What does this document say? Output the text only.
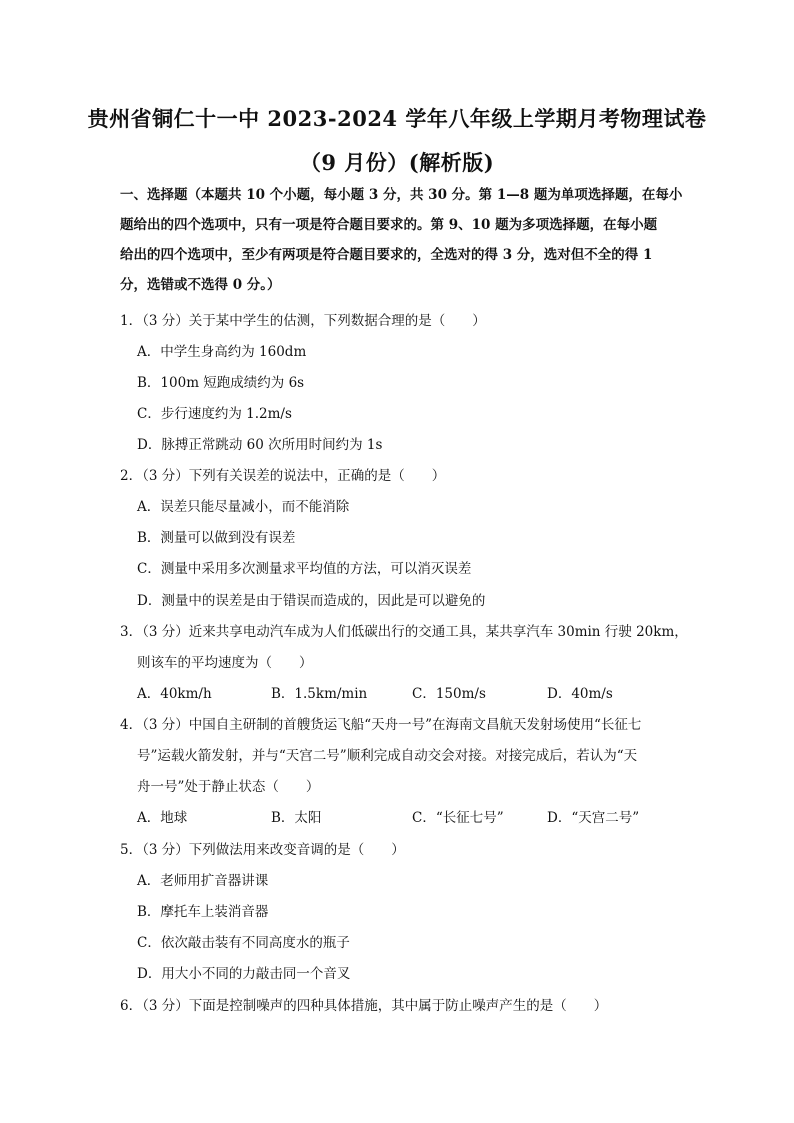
贵州省铜仁十一中 2023-2024 学年八年级上学期月考物理试卷
（9 月份）(解析版)
一、选择题（本题共 10 个小题，每小题 3 分，共 30 分。第 1—8 题为单项选择题，在每小
题给出的四个选项中，只有一项是符合题目要求的。第 9、10 题为多项选择题，在每小题
给出的四个选项中，至少有两项是符合题目要求的，全选对的得 3 分，选对但不全的得 1
分，选错或不选得 0 分。）
1．（3 分）关于某中学生的估测，下列数据合理的是（　　）
A．中学生身高约为 160dm
B．100m 短跑成绩约为 6s
C．步行速度约为 1.2m/s
D．脉搏正常跳动 60 次所用时间约为 1s
2．（3 分）下列有关误差的说法中，正确的是（　　）
A．误差只能尽量减小，而不能消除
B．测量可以做到没有误差
C．测量中采用多次测量求平均值的方法，可以消灭误差
D．测量中的误差是由于错误而造成的，因此是可以避免的
3．（3 分）近来共享电动汽车成为人们低碳出行的交通工具，某共享汽车 30min 行驶 20km，
则该车的平均速度为（　　）
A．40km/h	B．1.5km/min	C．150m/s	D．40m/s
4．（3 分）中国自主研制的首艘货运飞船“天舟一号”在海南文昌航天发射场使用“长征七
号”运载火箭发射，并与“天宫二号”顺利完成自动交会对接。对接完成后，若认为“天
舟一号”处于静止状态（　　）
A．地球	B．太阳	C．“长征七号”	D．“天宫二号”
5．（3 分）下列做法用来改变音调的是（　　）
A．老师用扩音器讲课
B．摩托车上装消音器
C．依次敲击装有不同高度水的瓶子
D．用大小不同的力敲击同一个音叉
6．（3 分）下面是控制噪声的四种具体措施，其中属于防止噪声产生的是（　　）
